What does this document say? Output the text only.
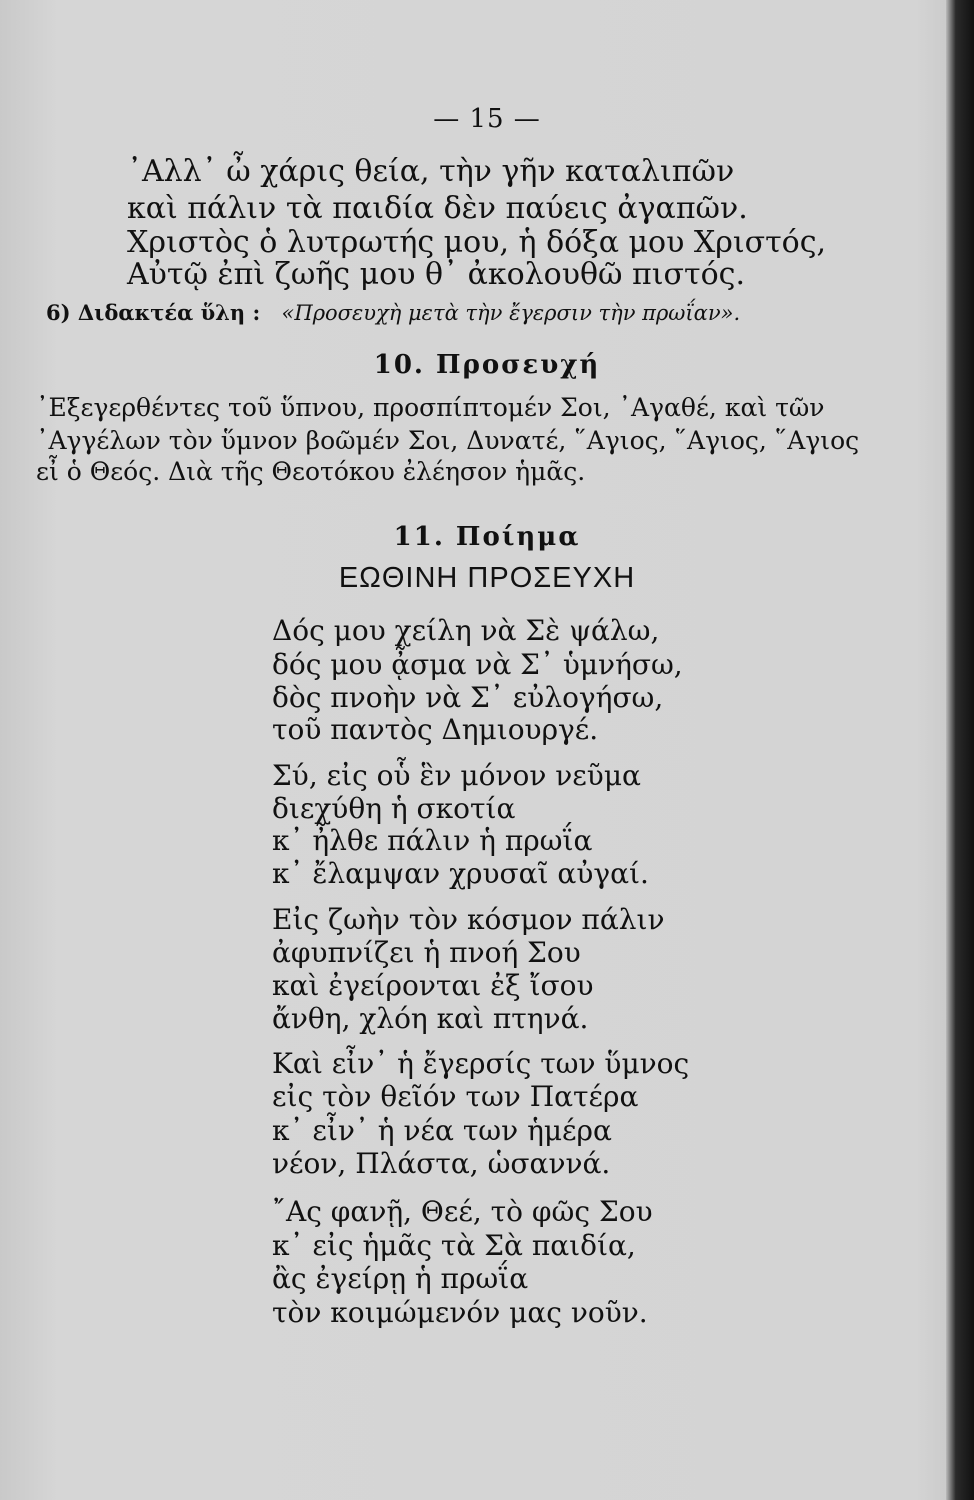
— 15 —
᾿Αλλ᾿ ὦ χάρις θεία, τὴν γῆν καταλιπῶν
καὶ πάλιν τὰ παιδία δὲν παύεις ἀγαπῶν.
Χριστὸς ὁ λυτρωτής μου, ἡ δόξα μου Χριστός,
Αὐτῷ ἐπὶ ζωῆς μου θ᾿ ἀκολουθῶ πιστός.
6) Διδακτέα ὕλη : «Προσευχὴ μετὰ τὴν ἔγερσιν τὴν πρωΐαν».
10. Προσευχή
᾿Εξεγερθέντες τοῦ ὕπνου, προσπίπτομέν Σοι, ᾿Αγαθέ, καὶ τῶν
᾿Αγγέλων τὸν ὕμνον βοῶμέν Σοι, Δυνατέ, ῞Αγιος, ῞Αγιος, ῞Αγιος
εἶ ὁ Θεός. Διὰ τῆς Θεοτόκου ἐλέησον ἡμᾶς.
11. Ποίημα
ΕΩΘΙΝΗ ΠΡΟΣΕΥΧΗ
Δός μου χείλη νὰ Σὲ ψάλω,
δός μου ᾆσμα νὰ Σ᾿ ὑμνήσω,
δὸς πνοὴν νὰ Σ᾿ εὐλογήσω,
τοῦ παντὸς Δημιουργέ.
Σύ, εἰς οὗ ἓν μόνον νεῦμα
διεχύθη ἡ σκοτία
κ᾿ ἦλθε πάλιν ἡ πρωΐα
κ᾿ ἔλαμψαν χρυσαῖ αὐγαί.
Εἰς ζωὴν τὸν κόσμον πάλιν
ἀφυπνίζει ἡ πνοή Σου
καὶ ἐγείρονται ἐξ ἴσου
ἄνθη, χλόη καὶ πτηνά.
Καὶ εἶν᾿ ἡ ἔγερσίς των ὕμνος
εἰς τὸν θεῖόν των Πατέρα
κ᾿ εἶν᾿ ἡ νέα των ἡμέρα
νέον, Πλάστα, ὡσαννά.
῎Ας φανῇ, Θεέ, τὸ φῶς Σου
κ᾿ εἰς ἡμᾶς τὰ Σὰ παιδία,
ἂς ἐγείρῃ ἡ πρωΐα
τὸν κοιμώμενόν μας νοῦν.
